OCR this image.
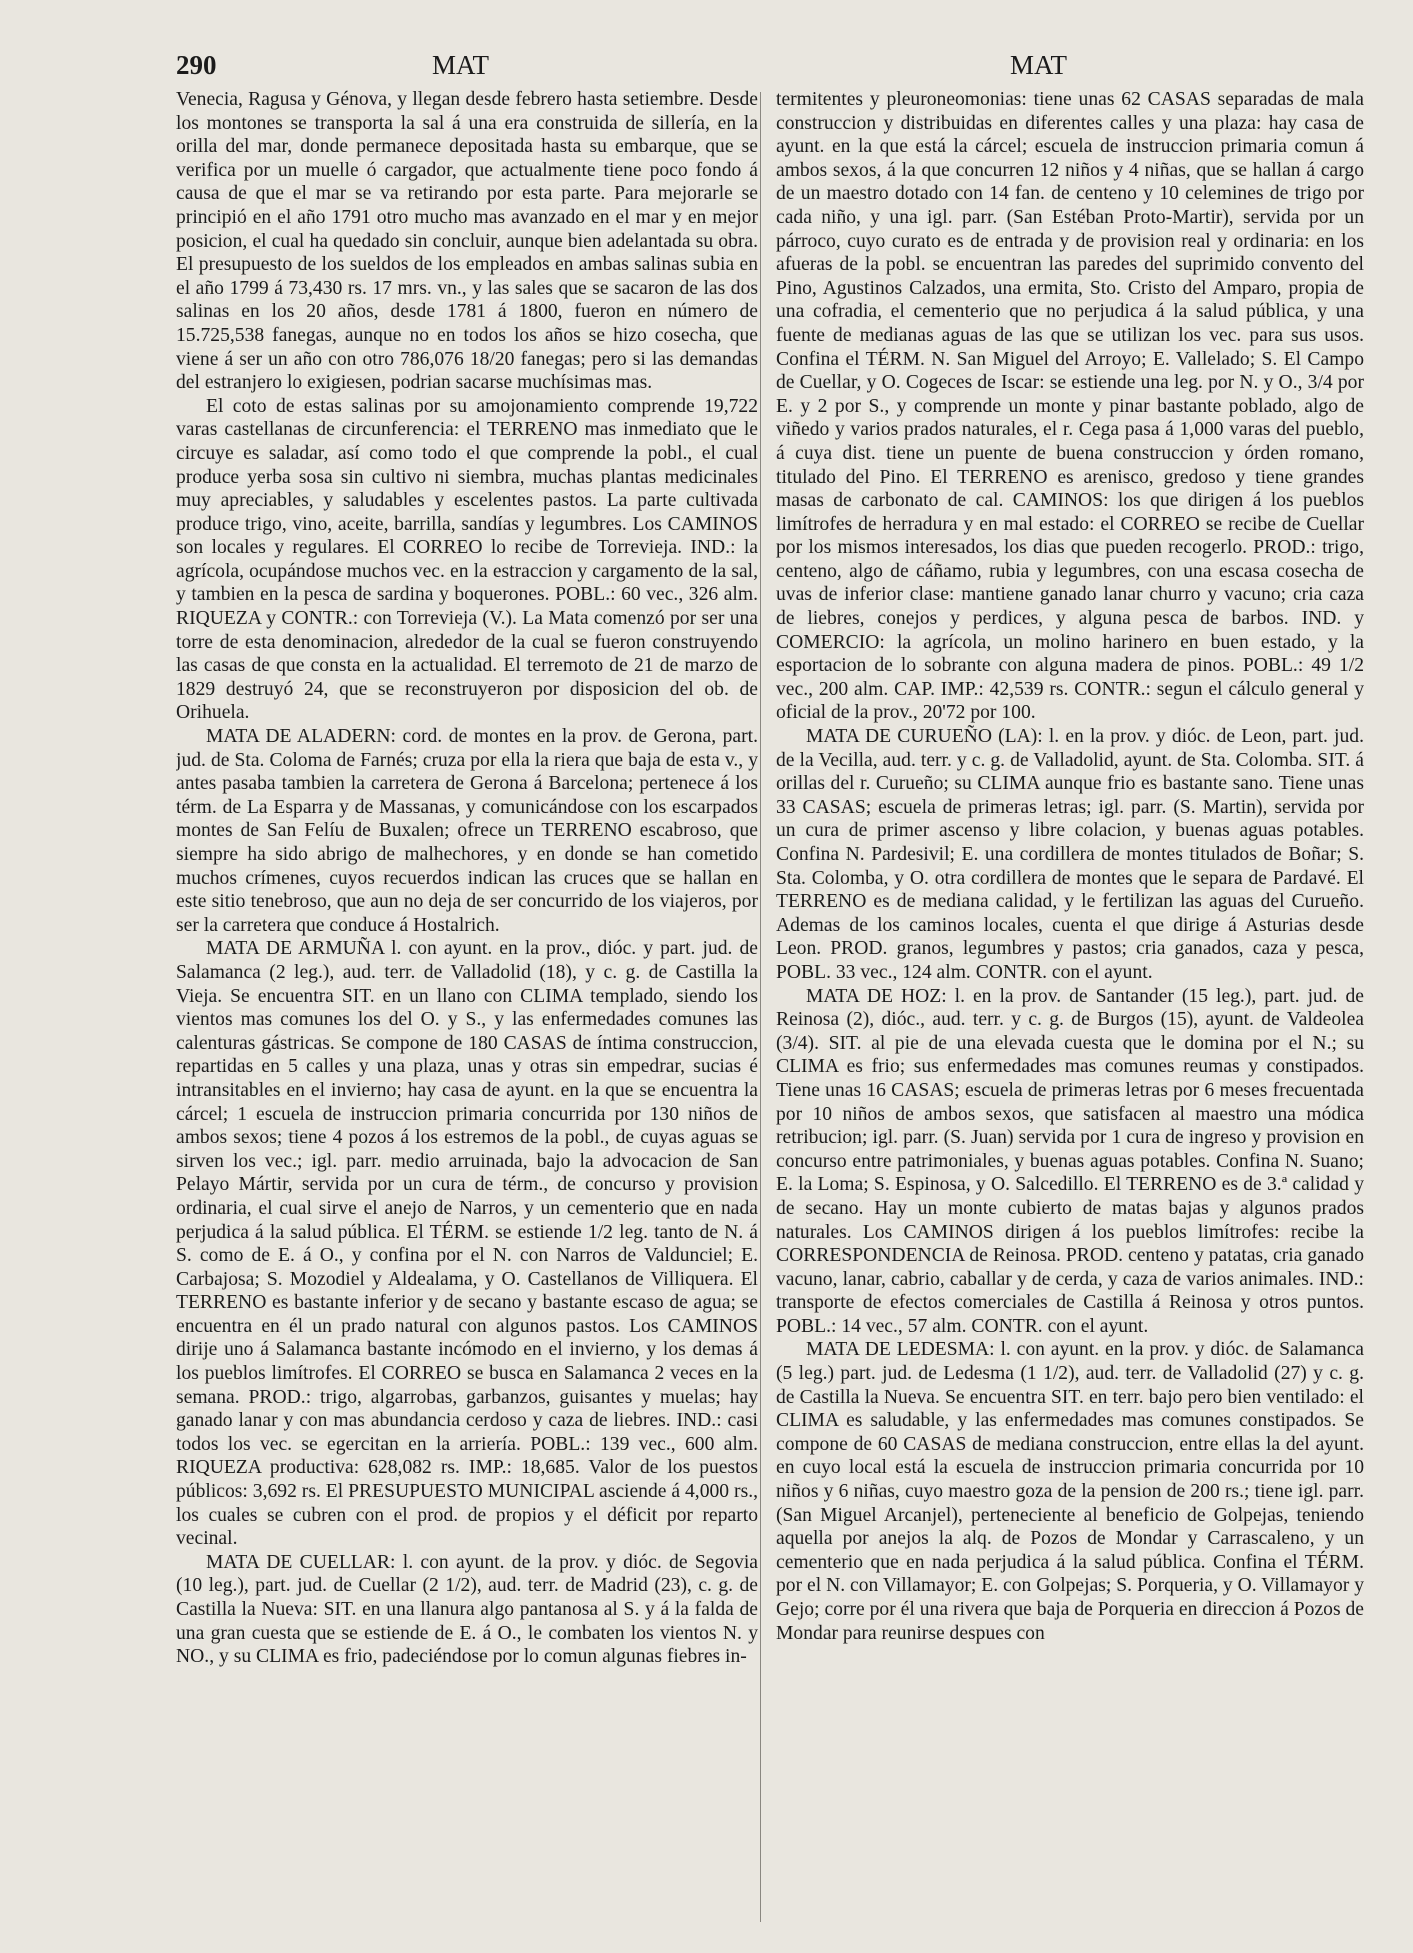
290	MAT	MAT

Venecia, Ragusa y Génova, y llegan desde febrero hasta setiembre. Desde los montones se transporta la sal á una era construida de sillería, en la orilla del mar, donde permanece depositada hasta su embarque, que se verifica por un muelle ó cargador, que actualmente tiene poco fondo á causa de que el mar se va retirando por esta parte. Para mejorarle se principió en el año 1791 otro mucho mas avanzado en el mar y en mejor posicion, el cual ha quedado sin concluir, aunque bien adelantada su obra. El presupuesto de los sueldos de los empleados en ambas salinas subia en el año 1799 á 73,430 rs. 17 mrs. vn., y las sales que se sacaron de las dos salinas en los 20 años, desde 1781 á 1800, fueron en número de 15.725,538 fanegas, aunque no en todos los años se hizo cosecha, que viene á ser un año con otro 786,076 18/20 fanegas; pero si las demandas del estranjero lo exigiesen, podrian sacarse muchísimas mas.

El coto de estas salinas por su amojonamiento comprende 19,722 varas castellanas de circunferencia: el TERRENO mas inmediato que le circuye es saladar, así como todo el que comprende la pobl., el cual produce yerba sosa sin cultivo ni siembra, muchas plantas medicinales muy apreciables, y saludables y escelentes pastos. La parte cultivada produce trigo, vino, aceite, barrilla, sandías y legumbres. Los CAMINOS son locales y regulares. El CORREO lo recibe de Torrevieja. IND.: la agrícola, ocupándose muchos vec. en la estraccion y cargamento de la sal, y tambien en la pesca de sardina y boquerones. POBL.: 60 vec., 326 alm. RIQUEZA y CONTR.: con Torrevieja (V.). La Mata comenzó por ser una torre de esta denominacion, alrededor de la cual se fueron construyendo las casas de que consta en la actualidad. El terremoto de 21 de marzo de 1829 destruyó 24, que se reconstruyeron por disposicion del ob. de Orihuela.

MATA DE ALADERN: cord. de montes en la prov. de Gerona, part. jud. de Sta. Coloma de Farnés; cruza por ella la riera que baja de esta v., y antes pasaba tambien la carretera de Gerona á Barcelona; pertenece á los térm. de La Esparra y de Massanas, y comunicándose con los escarpados montes de San Felíu de Buxalen; ofrece un TERRENO escabroso, que siempre ha sido abrigo de malhechores, y en donde se han cometido muchos crímenes, cuyos recuerdos indican las cruces que se hallan en este sitio tenebroso, que aun no deja de ser concurrido de los viajeros, por ser la carretera que conduce á Hostalrich.

MATA DE ARMUÑA l. con ayunt. en la prov., dióc. y part. jud. de Salamanca (2 leg.), aud. terr. de Valladolid (18), y c. g. de Castilla la Vieja. Se encuentra SIT. en un llano con CLIMA templado, siendo los vientos mas comunes los del O. y S., y las enfermedades comunes las calenturas gástricas. Se compone de 180 CASAS de íntima construccion, repartidas en 5 calles y una plaza, unas y otras sin empedrar, sucias é intransitables en el invierno; hay casa de ayunt. en la que se encuentra la cárcel; 1 escuela de instruccion primaria concurrida por 130 niños de ambos sexos; tiene 4 pozos á los estremos de la pobl., de cuyas aguas se sirven los vec.; igl. parr. medio arruinada, bajo la advocacion de San Pelayo Mártir, servida por un cura de térm., de concurso y provision ordinaria, el cual sirve el anejo de Narros, y un cementerio que en nada perjudica á la salud pública. El TÉRM. se estiende 1/2 leg. tanto de N. á S. como de E. á O., y confina por el N. con Narros de Valdunciel; E. Carbajosa; S. Mozodiel y Aldealama, y O. Castellanos de Villiquera. El TERRENO es bastante inferior y de secano y bastante escaso de agua; se encuentra en él un prado natural con algunos pastos. Los CAMINOS dirije uno á Salamanca bastante incómodo en el invierno, y los demas á los pueblos limítrofes. El CORREO se busca en Salamanca 2 veces en la semana. PROD.: trigo, algarrobas, garbanzos, guisantes y muelas; hay ganado lanar y con mas abundancia cerdoso y caza de liebres. IND.: casi todos los vec. se egercitan en la arriería. POBL.: 139 vec., 600 alm. RIQUEZA productiva: 628,082 rs. IMP.: 18,685. Valor de los puestos públicos: 3,692 rs. El PRESUPUESTO MUNICIPAL asciende á 4,000 rs., los cuales se cubren con el prod. de propios y el déficit por reparto vecinal.

MATA DE CUELLAR: l. con ayunt. de la prov. y dióc. de Segovia (10 leg.), part. jud. de Cuellar (2 1/2), aud. terr. de Madrid (23), c. g. de Castilla la Nueva: SIT. en una llanura algo pantanosa al S. y á la falda de una gran cuesta que se estiende de E. á O., le combaten los vientos N. y NO., y su CLIMA es frio, padeciéndose por lo comun algunas fiebres in-

termitentes y pleuroneomonias: tiene unas 62 CASAS separadas de mala construccion y distribuidas en diferentes calles y una plaza: hay casa de ayunt. en la que está la cárcel; escuela de instruccion primaria comun á ambos sexos, á la que concurren 12 niños y 4 niñas, que se hallan á cargo de un maestro dotado con 14 fan. de centeno y 10 celemines de trigo por cada niño, y una igl. parr. (San Estéban Proto-Martir), servida por un párroco, cuyo curato es de entrada y de provision real y ordinaria: en los afueras de la pobl. se encuentran las paredes del suprimido convento del Pino, Agustinos Calzados, una ermita, Sto. Cristo del Amparo, propia de una cofradia, el cementerio que no perjudica á la salud pública, y una fuente de medianas aguas de las que se utilizan los vec. para sus usos. Confina el TÉRM. N. San Miguel del Arroyo; E. Vallelado; S. El Campo de Cuellar, y O. Cogeces de Iscar: se estiende una leg. por N. y O., 3/4 por E. y 2 por S., y comprende un monte y pinar bastante poblado, algo de viñedo y varios prados naturales, el r. Cega pasa á 1,000 varas del pueblo, á cuya dist. tiene un puente de buena construccion y órden romano, titulado del Pino. El TERRENO es arenisco, gredoso y tiene grandes masas de carbonato de cal. CAMINOS: los que dirigen á los pueblos limítrofes de herradura y en mal estado: el CORREO se recibe de Cuellar por los mismos interesados, los dias que pueden recogerlo. PROD.: trigo, centeno, algo de cáñamo, rubia y legumbres, con una escasa cosecha de uvas de inferior clase: mantiene ganado lanar churro y vacuno; cria caza de liebres, conejos y perdices, y alguna pesca de barbos. IND. y COMERCIO: la agrícola, un molino harinero en buen estado, y la esportacion de lo sobrante con alguna madera de pinos. POBL.: 49 1/2 vec., 200 alm. CAP. IMP.: 42,539 rs. CONTR.: segun el cálculo general y oficial de la prov., 20'72 por 100.

MATA DE CURUEÑO (LA): l. en la prov. y dióc. de Leon, part. jud. de la Vecilla, aud. terr. y c. g. de Valladolid, ayunt. de Sta. Colomba. SIT. á orillas del r. Curueño; su CLIMA aunque frio es bastante sano. Tiene unas 33 CASAS; escuela de primeras letras; igl. parr. (S. Martin), servida por un cura de primer ascenso y libre colacion, y buenas aguas potables. Confina N. Pardesivil; E. una cordillera de montes titulados de Boñar; S. Sta. Colomba, y O. otra cordillera de montes que le separa de Pardavé. El TERRENO es de mediana calidad, y le fertilizan las aguas del Curueño. Ademas de los caminos locales, cuenta el que dirige á Asturias desde Leon. PROD. granos, legumbres y pastos; cria ganados, caza y pesca, POBL. 33 vec., 124 alm. CONTR. con el ayunt.

MATA DE HOZ: l. en la prov. de Santander (15 leg.), part. jud. de Reinosa (2), dióc., aud. terr. y c. g. de Burgos (15), ayunt. de Valdeolea (3/4). SIT. al pie de una elevada cuesta que le domina por el N.; su CLIMA es frio; sus enfermedades mas comunes reumas y constipados. Tiene unas 16 CASAS; escuela de primeras letras por 6 meses frecuentada por 10 niños de ambos sexos, que satisfacen al maestro una módica retribucion; igl. parr. (S. Juan) servida por 1 cura de ingreso y provision en concurso entre patrimoniales, y buenas aguas potables. Confina N. Suano; E. la Loma; S. Espinosa, y O. Salcedillo. El TERRENO es de 3.ª calidad y de secano. Hay un monte cubierto de matas bajas y algunos prados naturales. Los CAMINOS dirigen á los pueblos limítrofes: recibe la CORRESPONDENCIA de Reinosa. PROD. centeno y patatas, cria ganado vacuno, lanar, cabrio, caballar y de cerda, y caza de varios animales. IND.: transporte de efectos comerciales de Castilla á Reinosa y otros puntos. POBL.: 14 vec., 57 alm. CONTR. con el ayunt.

MATA DE LEDESMA: l. con ayunt. en la prov. y dióc. de Salamanca (5 leg.) part. jud. de Ledesma (1 1/2), aud. terr. de Valladolid (27) y c. g. de Castilla la Nueva. Se encuentra SIT. en terr. bajo pero bien ventilado: el CLIMA es saludable, y las enfermedades mas comunes constipados. Se compone de 60 CASAS de mediana construccion, entre ellas la del ayunt. en cuyo local está la escuela de instruccion primaria concurrida por 10 niños y 6 niñas, cuyo maestro goza de la pension de 200 rs.; tiene igl. parr. (San Miguel Arcanjel), perteneciente al beneficio de Golpejas, teniendo aquella por anejos la alq. de Pozos de Mondar y Carrascaleno, y un cementerio que en nada perjudica á la salud pública. Confina el TÉRM. por el N. con Villamayor; E. con Golpejas; S. Porqueria, y O. Villamayor y Gejo; corre por él una rivera que baja de Porqueria en direccion á Pozos de Mondar para reunirse despues con
